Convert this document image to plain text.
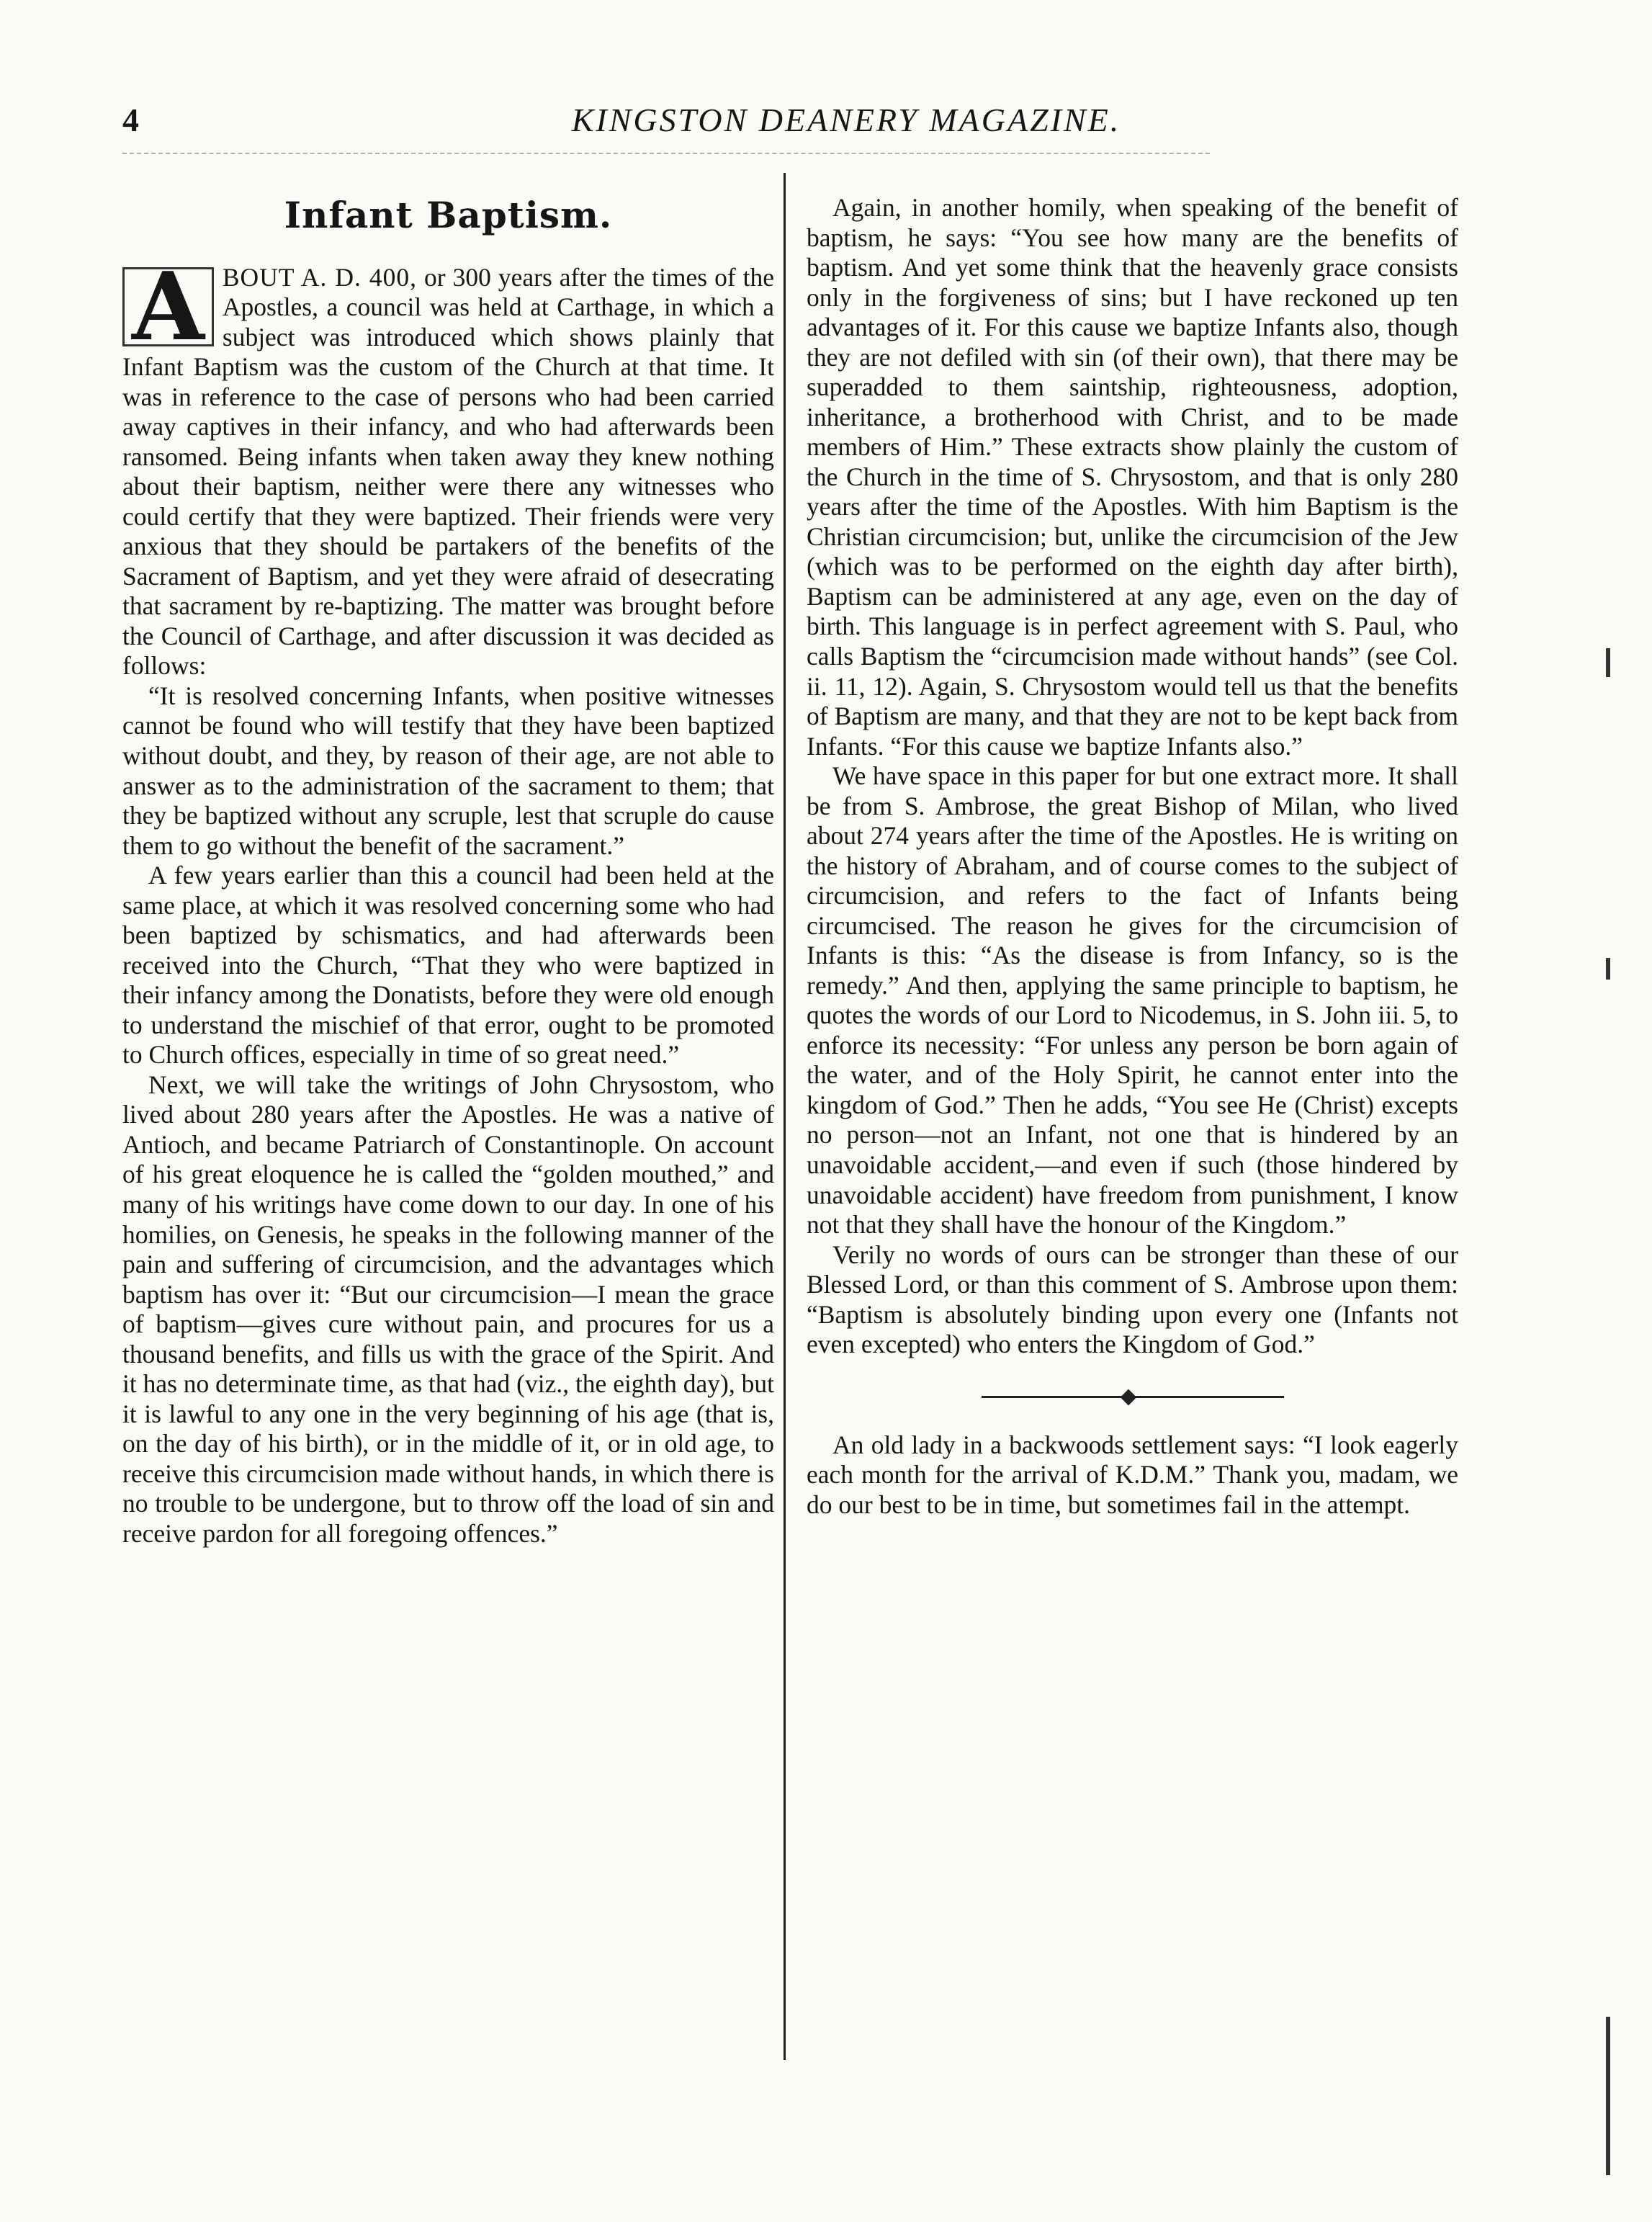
4	KINGSTON DEANERY MAGAZINE.
Infant Baptism.

A BOUT A. D. 400, or 300 years after the times of the Apostles, a council was held at Carthage, in which a subject was introduced which shows plainly that Infant Baptism was the custom of the Church at that time. It was in reference to the case of persons who had been carried away captives in their infancy, and who had afterwards been ransomed. Being infants when taken away they knew nothing about their baptism, neither were there any witnesses who could certify that they were baptized. Their friends were very anxious that they should be partakers of the benefits of the Sacrament of Baptism, and yet they were afraid of desecrating that sacrament by re-baptizing. The matter was brought before the Council of Carthage, and after discussion it was decided as follows:

“It is resolved concerning Infants, when positive witnesses cannot be found who will testify that they have been baptized without doubt, and they, by reason of their age, are not able to answer as to the administration of the sacrament to them; that they be baptized without any scruple, lest that scruple do cause them to go without the benefit of the sacrament.”

A few years earlier than this a council had been held at the same place, at which it was resolved concerning some who had been baptized by schismatics, and had afterwards been received into the Church, “That they who were baptized in their infancy among the Donatists, before they were old enough to understand the mischief of that error, ought to be promoted to Church offices, especially in time of so great need.”

Next, we will take the writings of John Chrysostom, who lived about 280 years after the Apostles. He was a native of Antioch, and became Patriarch of Constantinople. On account of his great eloquence he is called the “golden mouthed,” and many of his writings have come down to our day. In one of his homilies, on Genesis, he speaks in the following manner of the pain and suffering of circumcision, and the advantages which baptism has over it: “But our circumcision—I mean the grace of baptism—gives cure without pain, and procures for us a thousand benefits, and fills us with the grace of the Spirit. And it has no determinate time, as that had (viz., the eighth day), but it is lawful to any one in the very beginning of his age (that is, on the day of his birth), or in the middle of it, or in old age, to receive this circumcision made without hands, in which there is no trouble to be undergone, but to throw off the load of sin and receive pardon for all foregoing offences.”

Again, in another homily, when speaking of the benefit of baptism, he says: “You see how many are the benefits of baptism. And yet some think that the heavenly grace consists only in the forgiveness of sins; but I have reckoned up ten advantages of it. For this cause we baptize Infants also, though they are not defiled with sin (of their own), that there may be superadded to them saintship, righteousness, adoption, inheritance, a brotherhood with Christ, and to be made members of Him.” These extracts show plainly the custom of the Church in the time of S. Chrysostom, and that is only 280 years after the time of the Apostles. With him Baptism is the Christian circumcision; but, unlike the circumcision of the Jew (which was to be performed on the eighth day after birth), Baptism can be administered at any age, even on the day of birth. This language is in perfect agreement with S. Paul, who calls Baptism the “circumcision made without hands” (see Col. ii. 11, 12). Again, S. Chrysostom would tell us that the benefits of Baptism are many, and that they are not to be kept back from Infants. “For this cause we baptize Infants also.”

We have space in this paper for but one extract more. It shall be from S. Ambrose, the great Bishop of Milan, who lived about 274 years after the time of the Apostles. He is writing on the history of Abraham, and of course comes to the subject of circumcision, and refers to the fact of Infants being circumcised. The reason he gives for the circumcision of Infants is this: “As the disease is from Infancy, so is the remedy.” And then, applying the same principle to baptism, he quotes the words of our Lord to Nicodemus, in S. John iii. 5, to enforce its necessity: “For unless any person be born again of the water, and of the Holy Spirit, he cannot enter into the kingdom of God.” Then he adds, “You see He (Christ) excepts no person—not an Infant, not one that is hindered by an unavoidable accident,—and even if such (those hindered by unavoidable accident) have freedom from punishment, I know not that they shall have the honour of the Kingdom.”

Verily no words of ours can be stronger than these of our Blessed Lord, or than this comment of S. Ambrose upon them: “Baptism is absolutely binding upon every one (Infants not even excepted) who enters the Kingdom of God.”

An old lady in a backwoods settlement says: “I look eagerly each month for the arrival of K.D.M.” Thank you, madam, we do our best to be in time, but sometimes fail in the attempt.
